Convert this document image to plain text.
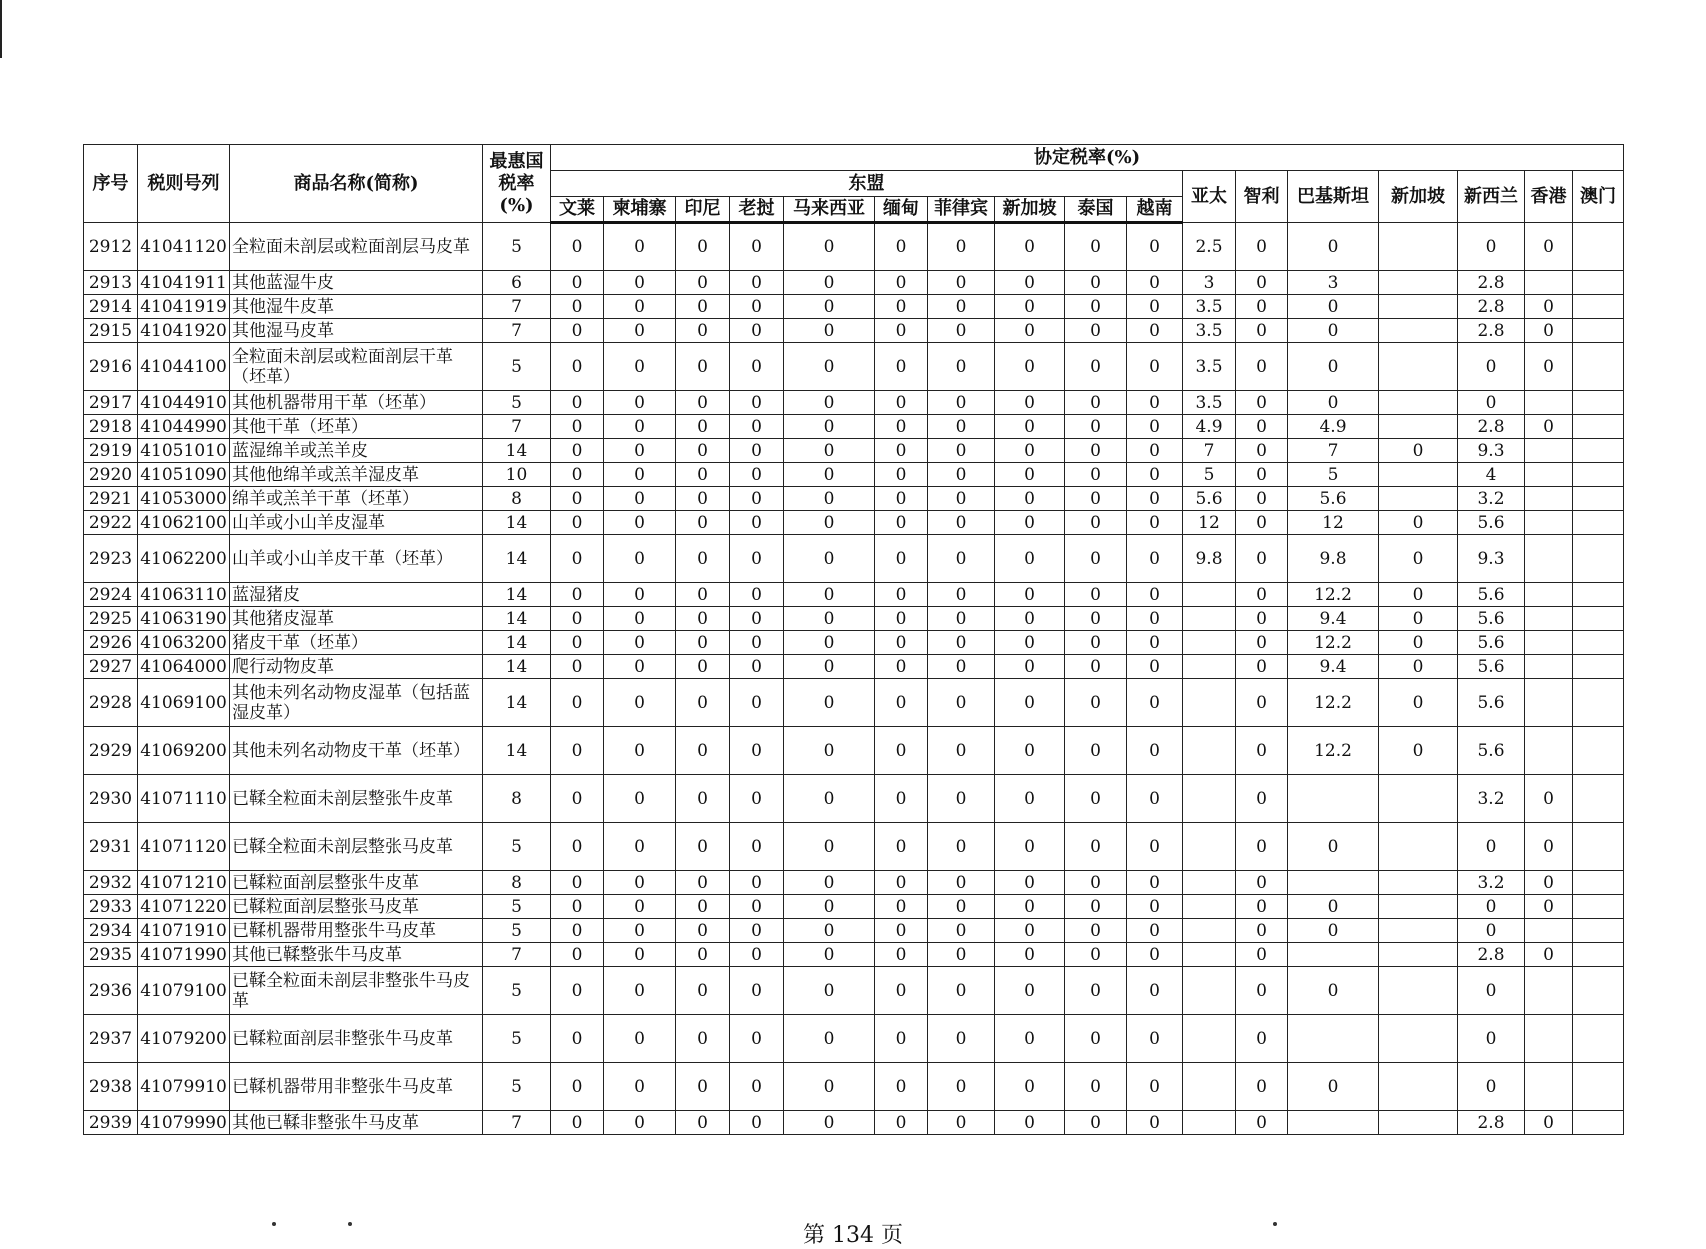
序号	税则号列	商品名称(简称)	最惠国税率(%)	协定税率(%)																
				东盟										亚太	智利	巴基斯坦	新加坡	新西兰	香港	澳门
				文莱	柬埔寨	印尼	老挝	马来西亚	缅甸	菲律宾	新加坡	泰国	越南							
2912	41041120	全粒面未剖层或粒面剖层马皮革	5	0	0	0	0	0	0	0	0	0	0	2.5	0	0		0	0	
2913	41041911	其他蓝湿牛皮	6	0	0	0	0	0	0	0	0	0	0	3	0	3		2.8		
2914	41041919	其他湿牛皮革	7	0	0	0	0	0	0	0	0	0	0	3.5	0	0		2.8	0	
2915	41041920	其他湿马皮革	7	0	0	0	0	0	0	0	0	0	0	3.5	0	0		2.8	0	
2916	41044100	全粒面未剖层或粒面剖层干革（坯革）	5	0	0	0	0	0	0	0	0	0	0	3.5	0	0		0	0	
2917	41044910	其他机器带用干革（坯革）	5	0	0	0	0	0	0	0	0	0	0	3.5	0	0		0		
2918	41044990	其他干革（坯革）	7	0	0	0	0	0	0	0	0	0	0	4.9	0	4.9		2.8	0	
2919	41051010	蓝湿绵羊或羔羊皮	14	0	0	0	0	0	0	0	0	0	0	7	0	7	0	9.3		
2920	41051090	其他他绵羊或羔羊湿皮革	10	0	0	0	0	0	0	0	0	0	0	5	0	5		4		
2921	41053000	绵羊或羔羊干革（坯革）	8	0	0	0	0	0	0	0	0	0	0	5.6	0	5.6		3.2		
2922	41062100	山羊或小山羊皮湿革	14	0	0	0	0	0	0	0	0	0	0	12	0	12	0	5.6		
2923	41062200	山羊或小山羊皮干革（坯革）	14	0	0	0	0	0	0	0	0	0	0	9.8	0	9.8	0	9.3		
2924	41063110	蓝湿猪皮	14	0	0	0	0	0	0	0	0	0	0		0	12.2	0	5.6		
2925	41063190	其他猪皮湿革	14	0	0	0	0	0	0	0	0	0	0		0	9.4	0	5.6		
2926	41063200	猪皮干革（坯革）	14	0	0	0	0	0	0	0	0	0	0		0	12.2	0	5.6		
2927	41064000	爬行动物皮革	14	0	0	0	0	0	0	0	0	0	0		0	9.4	0	5.6		
2928	41069100	其他未列名动物皮湿革（包括蓝湿皮革）	14	0	0	0	0	0	0	0	0	0	0		0	12.2	0	5.6		
2929	41069200	其他未列名动物皮干革（坯革）	14	0	0	0	0	0	0	0	0	0	0		0	12.2	0	5.6		
2930	41071110	已鞣全粒面未剖层整张牛皮革	8	0	0	0	0	0	0	0	0	0	0		0			3.2	0	
2931	41071120	已鞣全粒面未剖层整张马皮革	5	0	0	0	0	0	0	0	0	0	0		0	0		0	0	
2932	41071210	已鞣粒面剖层整张牛皮革	8	0	0	0	0	0	0	0	0	0	0		0			3.2	0	
2933	41071220	已鞣粒面剖层整张马皮革	5	0	0	0	0	0	0	0	0	0	0		0	0		0	0	
2934	41071910	已鞣机器带用整张牛马皮革	5	0	0	0	0	0	0	0	0	0	0		0	0		0		
2935	41071990	其他已鞣整张牛马皮革	7	0	0	0	0	0	0	0	0	0	0		0			2.8	0	
2936	41079100	已鞣全粒面未剖层非整张牛马皮革	5	0	0	0	0	0	0	0	0	0	0		0	0		0		
2937	41079200	已鞣粒面剖层非整张牛马皮革	5	0	0	0	0	0	0	0	0	0	0		0			0		
2938	41079910	已鞣机器带用非整张牛马皮革	5	0	0	0	0	0	0	0	0	0	0		0	0		0		
2939	41079990	其他已鞣非整张牛马皮革	7	0	0	0	0	0	0	0	0	0	0		0			2.8	0	
第 134 页
